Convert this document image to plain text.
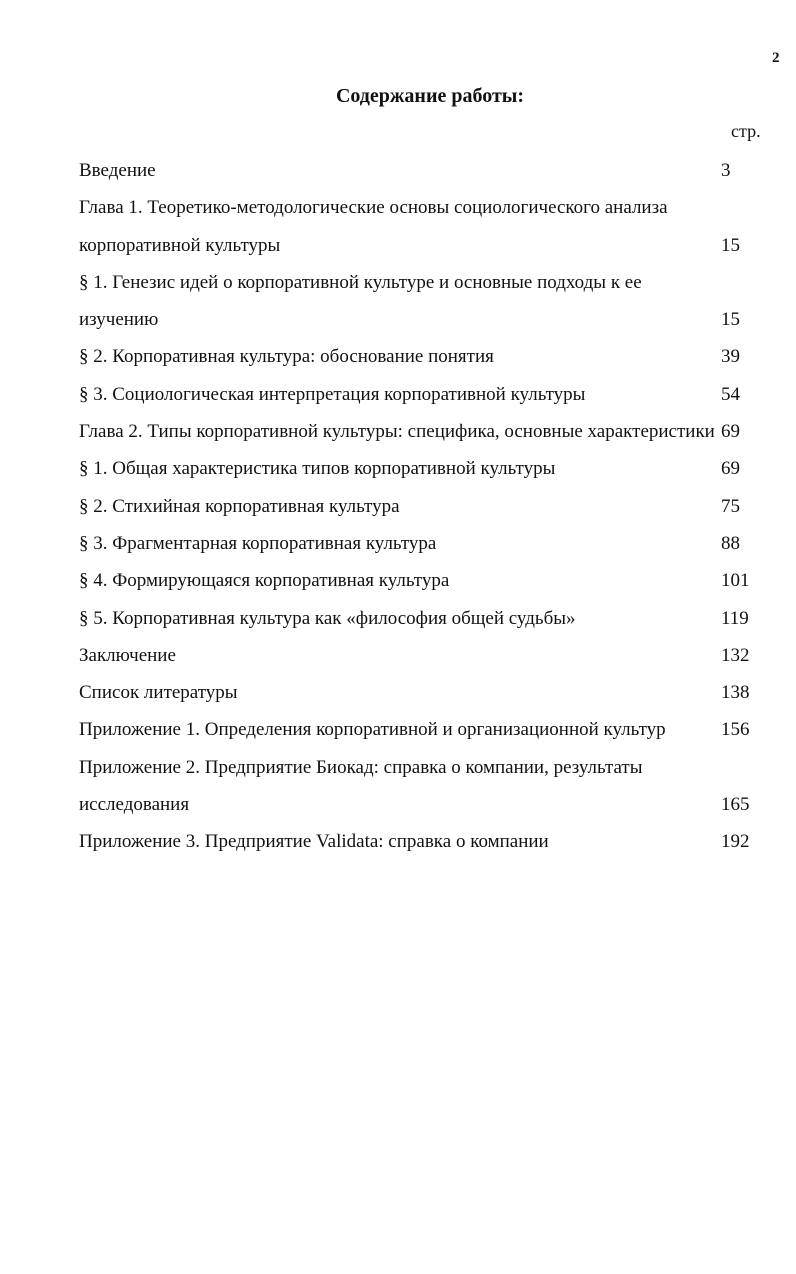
2
Содержание работы:
стр.
Введение	3
Глава 1. Теоретико-методологические основы социологического анализа корпоративной культуры	15
§ 1. Генезис идей о корпоративной культуре и основные подходы к ее изучению	15
§ 2. Корпоративная культура: обоснование понятия	39
§ 3. Социологическая интерпретация корпоративной культуры	54
Глава 2. Типы корпоративной культуры: специфика, основные характеристики 69
§ 1. Общая характеристика типов корпоративной культуры	69
§ 2. Стихийная корпоративная культура	75
§ 3. Фрагментарная корпоративная культура	88
§ 4. Формирующаяся корпоративная культура	101
§ 5. Корпоративная культура как «философия общей судьбы»	119
Заключение	132
Список литературы	138
Приложение 1. Определения корпоративной и организационной культур	156
Приложение 2. Предприятие Биокад: справка о компании, результаты исследования	165
Приложение 3. Предприятие Validata: справка о компании	192
